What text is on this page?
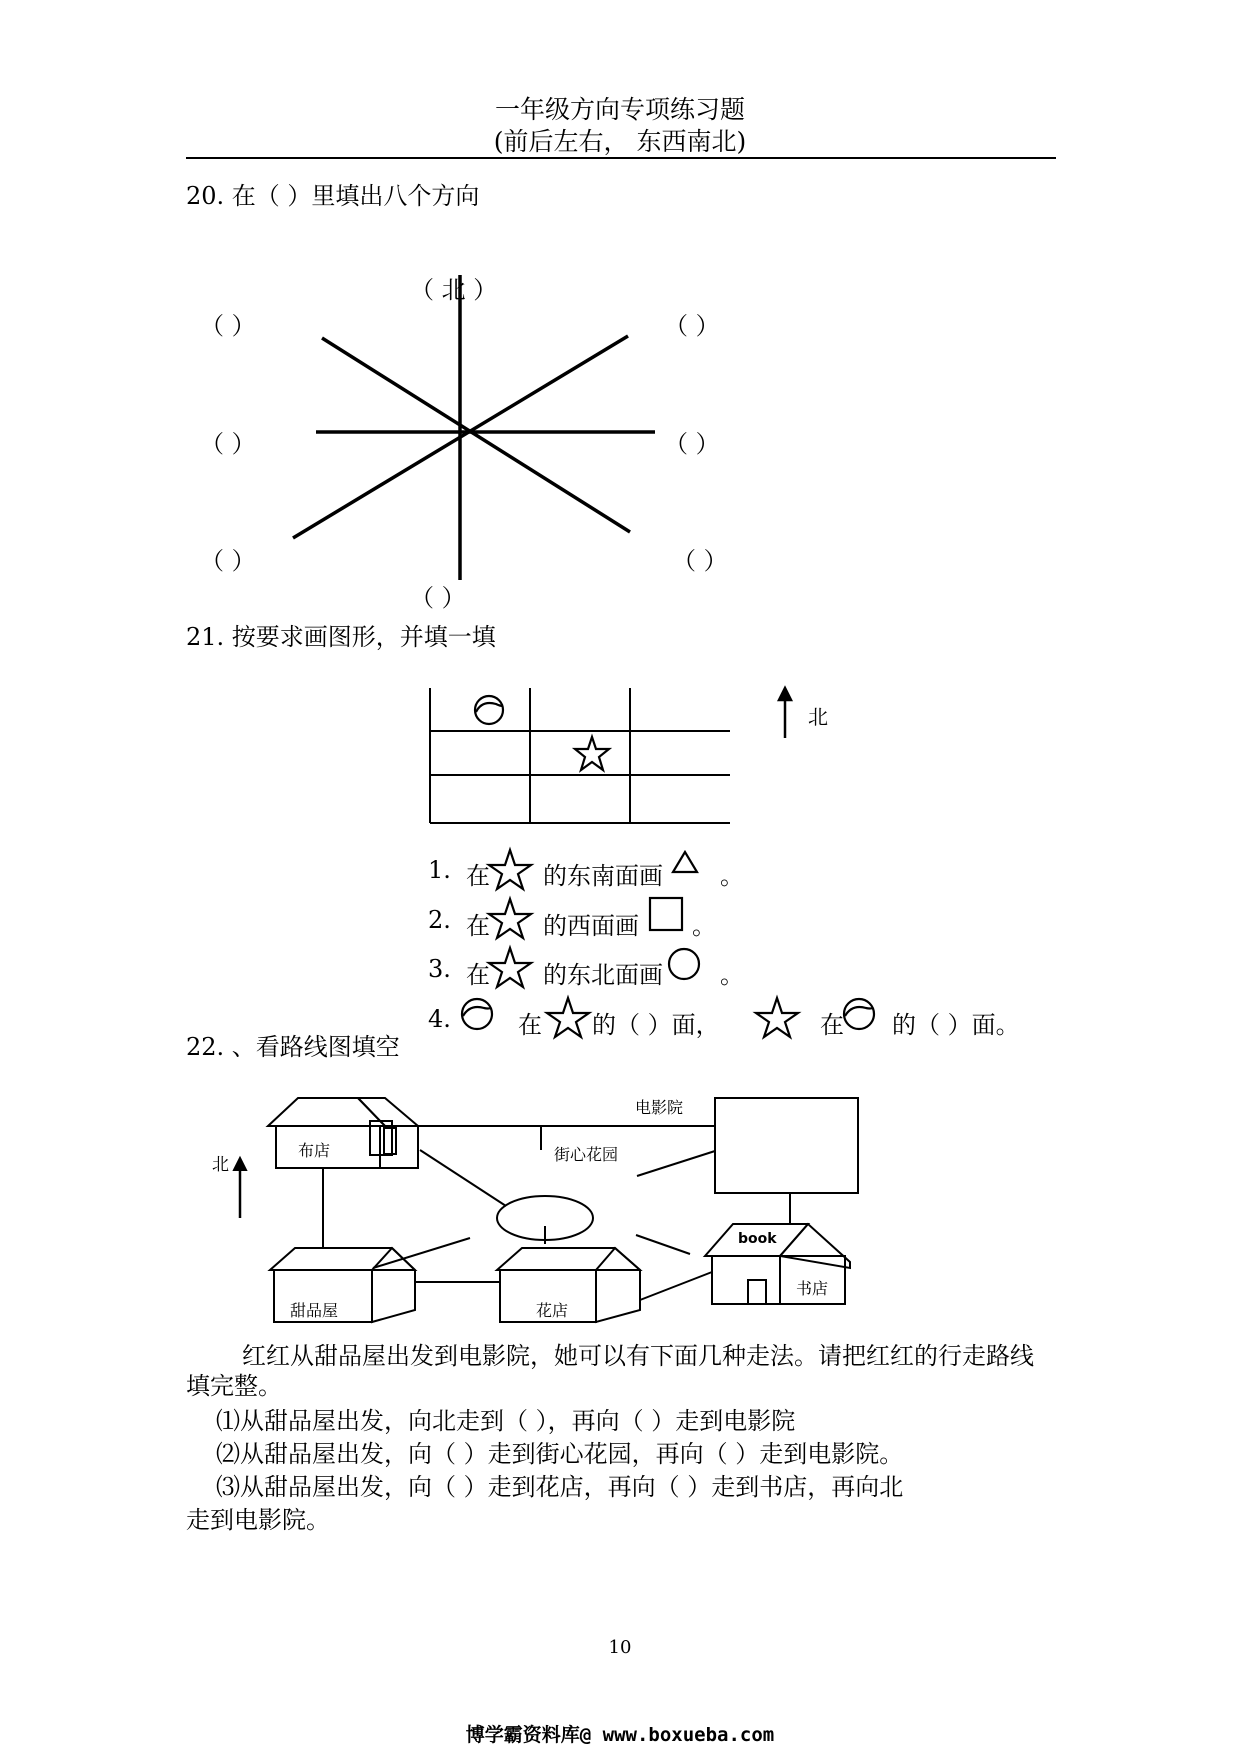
一年级方向专项练习题
(前后左右， 东西南北)
20. 在（ ）里填出八个方向
（ 北 ）
（ ）	（ ）
（ ）	（ ）
（ ）	（ ）
（ ）
21. 按要求画图形，并填一填
北
1. 在 的东南面画 。
2. 在 的西面画 。
3. 在 的东北面画 。
4.	在 的（ ）面，	在 的（ ）面。
22. 、看路线图填空
北
布店
电影院
街心花园
甜品屋	花店
book
书店
红红从甜品屋出发到电影院，她可以有下面几种走法。请把红红的行走路线
填完整。
⑴从甜品屋出发，向北走到（ ），再向（ ）走到电影院
⑵从甜品屋出发，向（ ）走到街心花园，再向（ ）走到电影院。
⑶从甜品屋出发，向（ ）走到花店，再向（ ）走到书店，再向北
走到电影院。
10
博学霸资料库@ www.boxueba.com
